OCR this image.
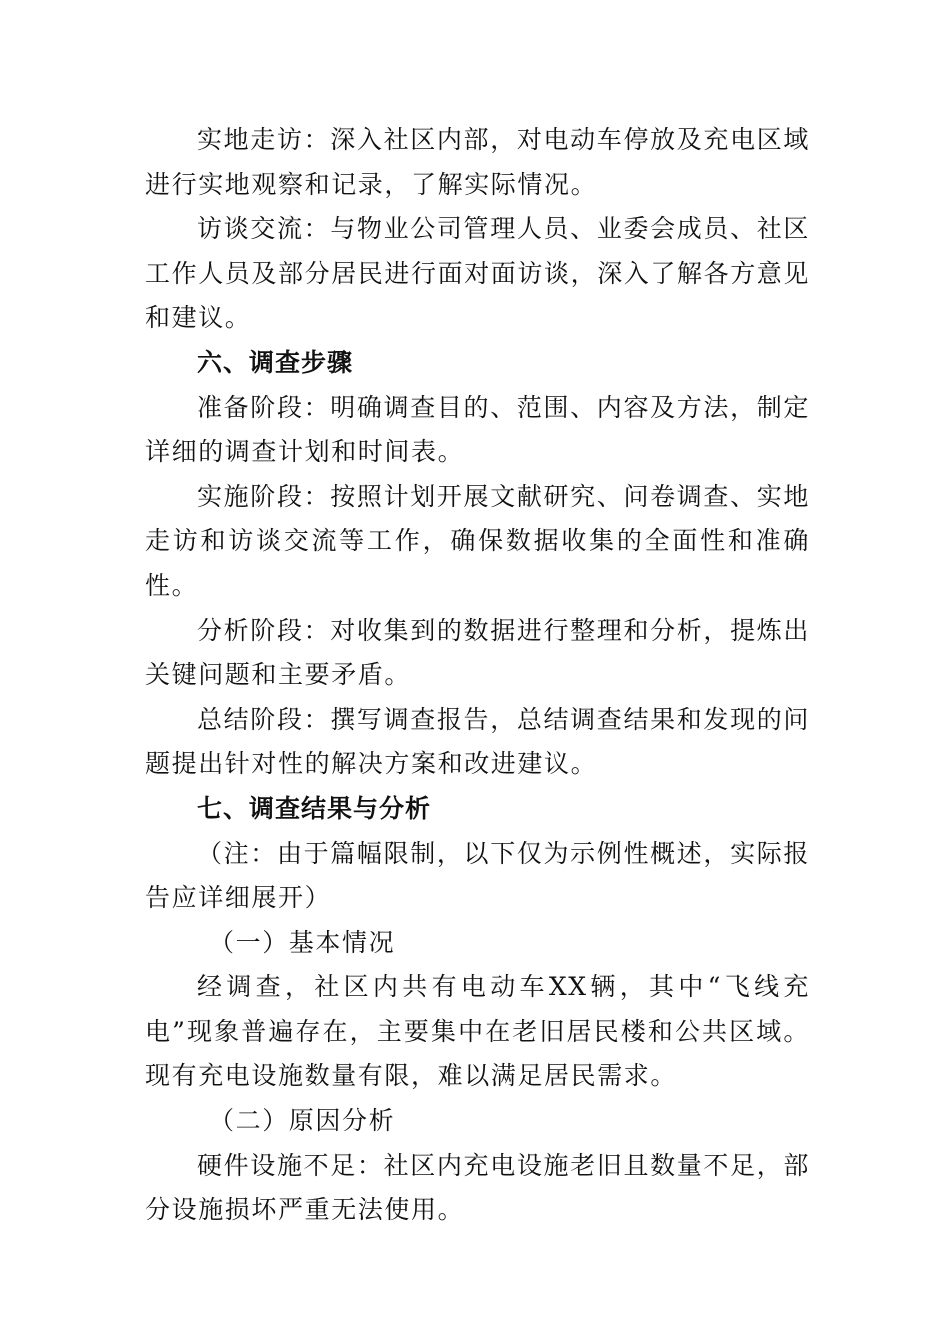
实地走访：深入社区内部，对电动车停放及充电区域进行实地观察和记录，了解实际情况。

访谈交流：与物业公司管理人员、业委会成员、社区工作人员及部分居民进行面对面访谈，深入了解各方意见和建议。

六、调查步骤

准备阶段：明确调查目的、范围、内容及方法，制定详细的调查计划和时间表。

实施阶段：按照计划开展文献研究、问卷调查、实地走访和访谈交流等工作，确保数据收集的全面性和准确性。

分析阶段：对收集到的数据进行整理和分析，提炼出关键问题和主要矛盾。

总结阶段：撰写调查报告，总结调查结果和发现的问题提出针对性的解决方案和改进建议。

七、调查结果与分析

（注：由于篇幅限制，以下仅为示例性概述，实际报告应详细展开）

（一）基本情况

经调查，社区内共有电动车XX辆，其中“飞线充电”现象普遍存在，主要集中在老旧居民楼和公共区域。现有充电设施数量有限，难以满足居民需求。

（二）原因分析

硬件设施不足：社区内充电设施老旧且数量不足，部分设施损坏严重无法使用。
